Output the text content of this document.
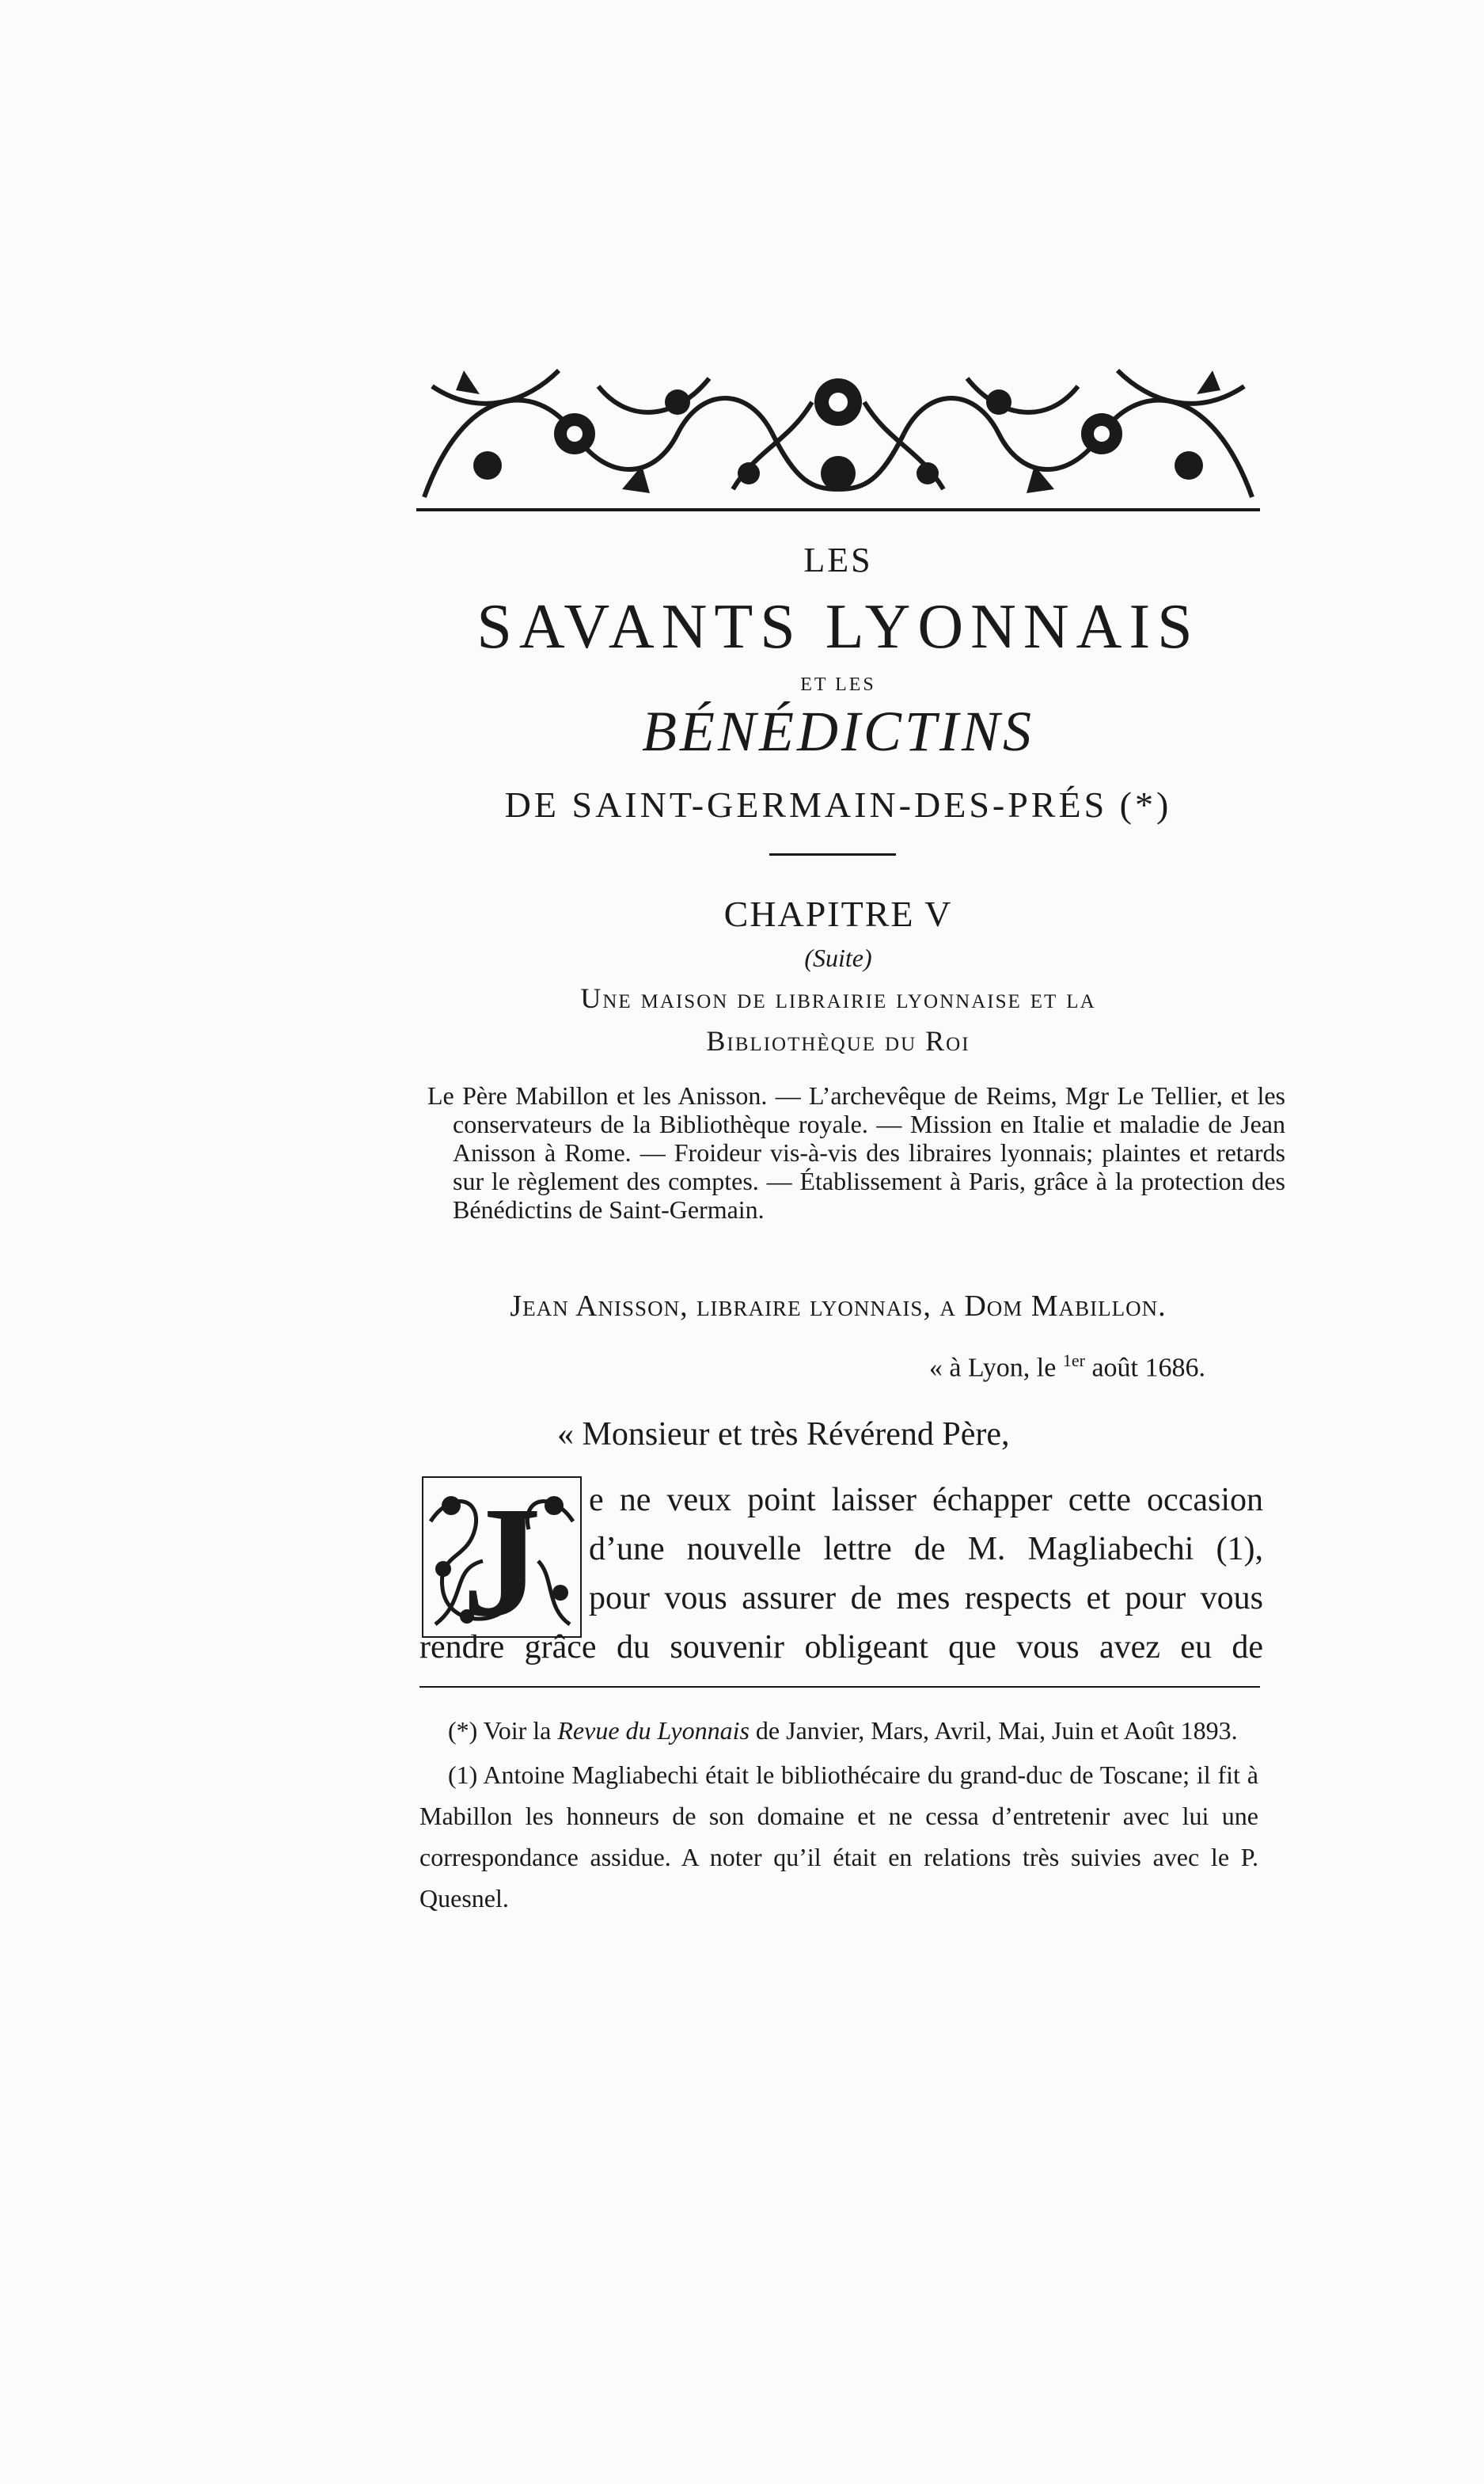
LES
SAVANTS LYONNAIS
ET LES
BÉNÉDICTINS
DE SAINT-GERMAIN-DES-PRÉS (*)
CHAPITRE V
(Suite)
Une maison de librairie lyonnaise et la
Bibliothèque du Roi
Le Père Mabillon et les Anisson. — L’archevêque de Reims, Mgr Le Tellier, et les conservateurs de la Bibliothèque royale. — Mission en Italie et maladie de Jean Anisson à Rome. — Froideur vis-à-vis des libraires lyonnais; plaintes et retards sur le règlement des comptes. — Établissement à Paris, grâce à la protection des Bénédictins de Saint-Germain.
Jean Anisson, libraire lyonnais, a Dom Mabillon.
« à Lyon, le $^{1er}$ août 1686.
« Monsieur et très Révérend Père,
J e ne veux point laisser échapper cette occasion
d’une nouvelle lettre de M. Magliabechi (1),
pour vous assurer de mes respects et pour vous
rendre grâce du souvenir obligeant que vous avez eu de

(*) Voir la Revue du Lyonnais de Janvier, Mars, Avril, Mai, Juin et Août 1893.

(1) Antoine Magliabechi était le bibliothécaire du grand-duc de Toscane; il fit à Mabillon les honneurs de son domaine et ne cessa d’entretenir avec lui une correspondance assidue. A noter qu’il était en relations très suivies avec le P. Quesnel.
